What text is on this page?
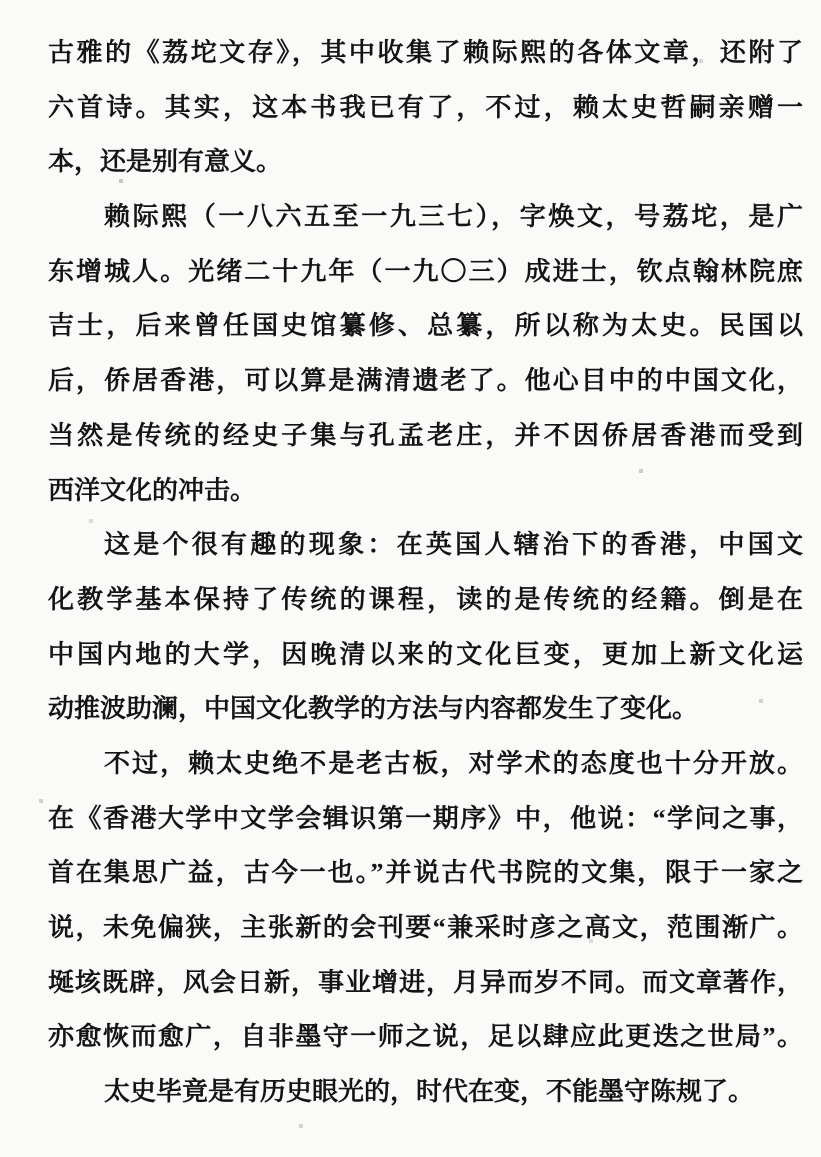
古雅的《荔坨文存》，其中收集了赖际熙的各体文章，还附了
六首诗。其实，这本书我已有了，不过，赖太史哲嗣亲赠一
本，还是别有意义。
赖际熙（一八六五至一九三七），字焕文，号荔坨，是广
东增城人。光绪二十九年（一九〇三）成进士，钦点翰林院庶
吉士，后来曾任国史馆纂修、总纂，所以称为太史。民国以
后，侨居香港，可以算是满清遗老了。他心目中的中国文化，
当然是传统的经史子集与孔孟老庄，并不因侨居香港而受到
西洋文化的冲击。
这是个很有趣的现象：在英国人辖治下的香港，中国文
化教学基本保持了传统的课程，读的是传统的经籍。倒是在
中国内地的大学，因晚清以来的文化巨变，更加上新文化运
动推波助澜，中国文化教学的方法与内容都发生了变化。
不过，赖太史绝不是老古板，对学术的态度也十分开放。
在《香港大学中文学会辑识第一期序》中，他说：“学问之事，
首在集思广益，古今一也。”并说古代书院的文集，限于一家之
说，未免偏狭，主张新的会刊要“兼采时彦之高文，范围渐广。
埏垓既辟，风会日新，事业增进，月异而岁不同。而文章著作，
亦愈恢而愈广，自非墨守一师之说，足以肆应此更迭之世局”。
太史毕竟是有历史眼光的，时代在变，不能墨守陈规了。
